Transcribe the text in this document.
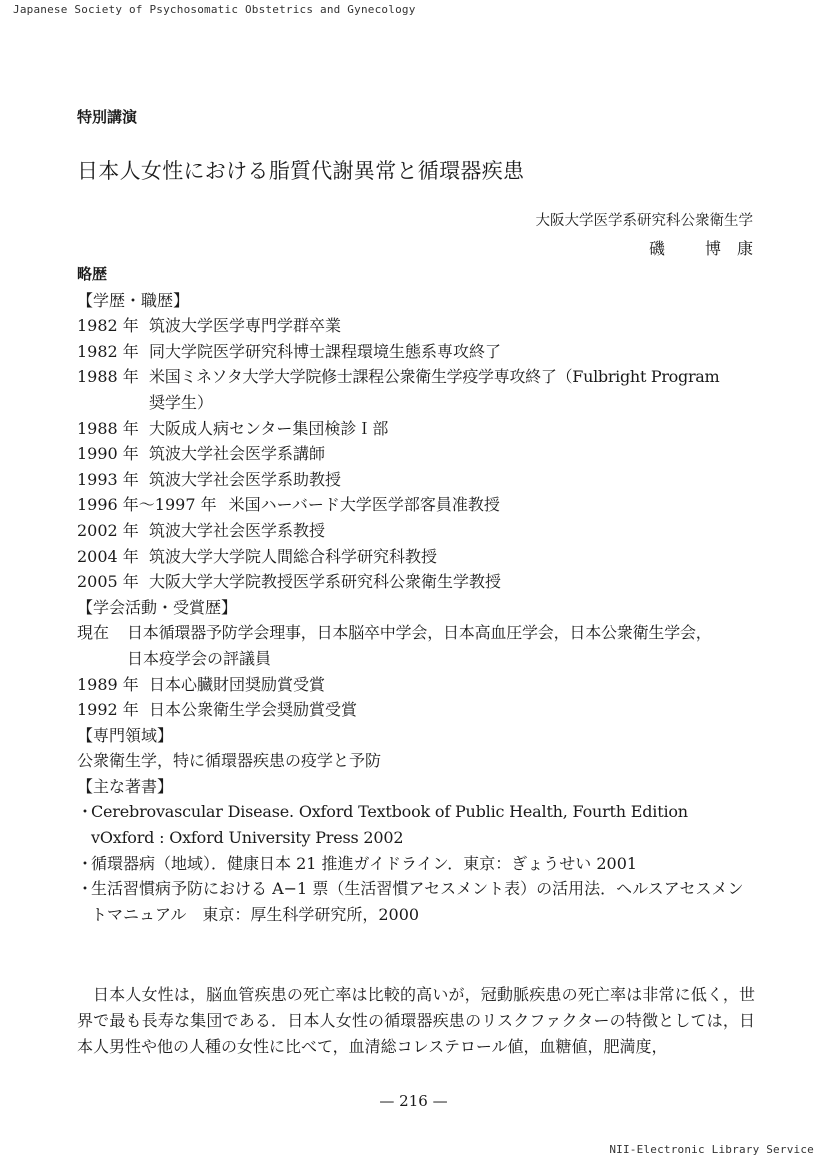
Japanese Society of Psychosomatic Obstetrics and Gynecology
特別講演
日本人女性における脂質代謝異常と循環器疾患
大阪大学医学系研究科公衆衛生学
磯	博 康
略歴
【学歴・職歴】
1982 年 筑波大学医学専門学群卒業
1982 年 同大学院医学研究科博士課程環境生態系専攻終了
1988 年 米国ミネソタ大学大学院修士課程公衆衛生学疫学専攻終了（Fulbright Program
奨学生）
1988 年 大阪成人病センター集団検診Ｉ部
1990 年 筑波大学社会医学系講師
1993 年 筑波大学社会医学系助教授
1996 年〜1997 年 米国ハーバード大学医学部客員准教授
2002 年 筑波大学社会医学系教授
2004 年 筑波大学大学院人間総合科学研究科教授
2005 年 大阪大学大学院教授医学系研究科公衆衛生学教授
【学会活動・受賞歴】
現在	日本循環器予防学会理事，日本脳卒中学会，日本高血圧学会，日本公衆衛生学会，
日本疫学会の評議員
1989 年 日本心臓財団奨励賞受賞
1992 年 日本公衆衛生学会奨励賞受賞
【専門領域】
公衆衛生学，特に循環器疾患の疫学と予防
【主な著書】
・
Cerebrovascular Disease. Oxford Textbook of Public Health, Fourth Edition vOxford : Oxford University Press 2002
・
循環器病（地域）．健康日本 21 推進ガイドライン．東京：ぎょうせい 2001
・
生活習慣病予防における A−1 票（生活習慣アセスメント表）の活用法．ヘルスアセスメントマニュアル　東京：厚生科学研究所，2000
日本人女性は，脳血管疾患の死亡率は比較的高いが，冠動脈疾患の死亡率は非常に低く，世界で最も長寿な集団である．日本人女性の循環器疾患のリスクファクターの特徴としては，日本人男性や他の人種の女性に比べて，血清総コレステロール値，血糖値，肥満度，
— 216 —
NII-Electronic Library Service
